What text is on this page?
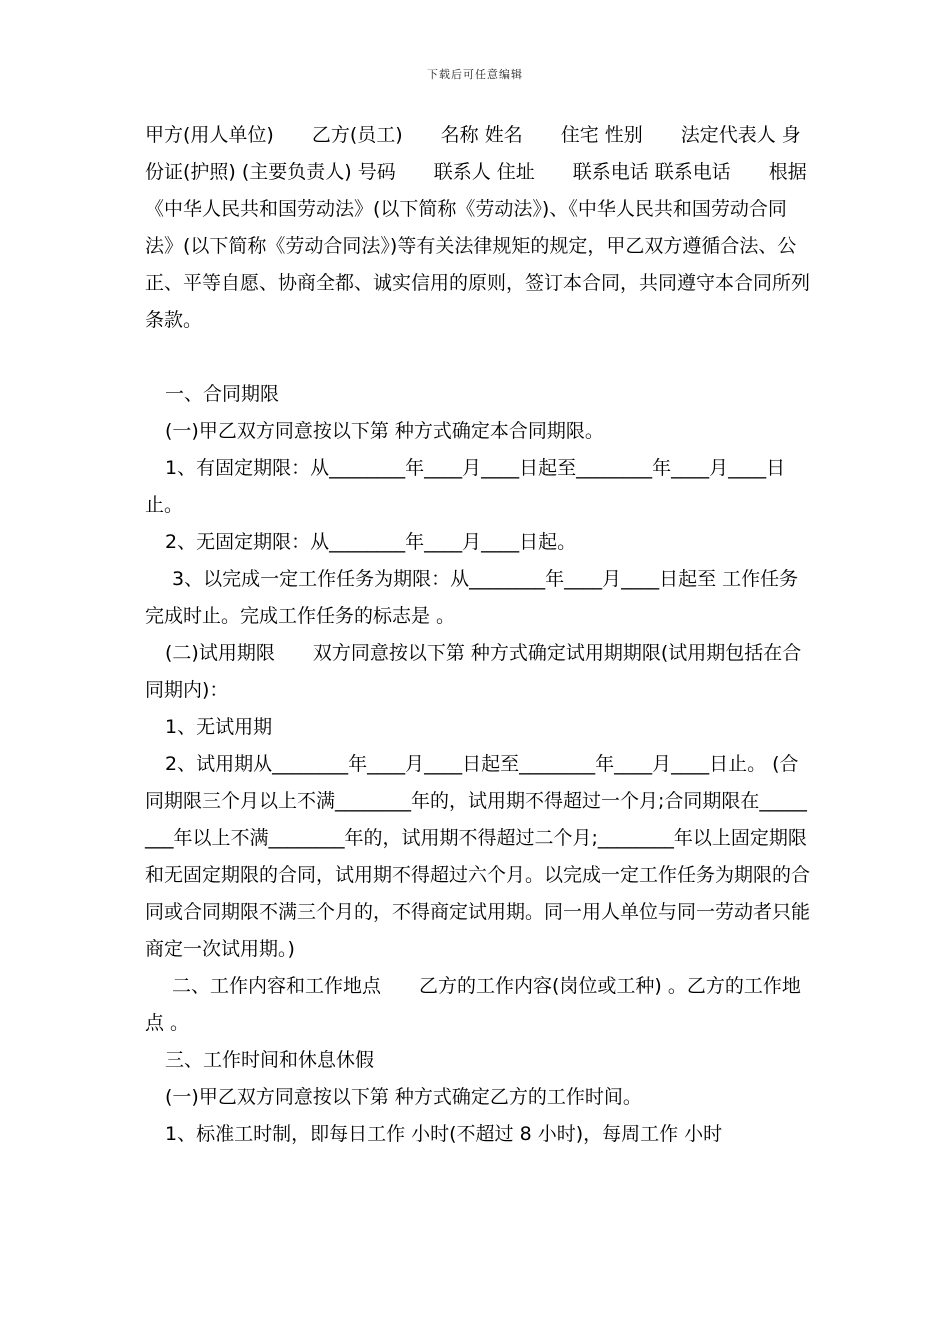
下载后可任意编辑

甲方(用人单位)　　乙方(员工)　　名称 姓名　　住宅 性别　　法定代表人 身份证(护照) (主要负责人) 号码　　联系人 住址　　联系电话 联系电话　　根据《中华人民共和国劳动法》(以下简称《劳动法》)、《中华人民共和国劳动合同法》(以下简称《劳动合同法》)等有关法律规矩的规定，甲乙双方遵循合法、公正、平等自愿、协商全都、诚实信用的原则，签订本合同，共同遵守本合同所列条款。

一、合同期限

(一)甲乙双方同意按以下第 种方式确定本合同期限。

1、有固定期限：从________年____月____日起至________年____月____日止。

2、无固定期限：从________年____月____日起。

3、以完成一定工作任务为期限：从________年____月____日起至 工作任务完成时止。完成工作任务的标志是 。

(二)试用期限　　双方同意按以下第 种方式确定试用期期限(试用期包括在合同期内)：

1、无试用期

2、试用期从________年____月____日起至________年____月____日止。 (合同期限三个月以上不满________年的，试用期不得超过一个月;合同期限在________年以上不满________年的，试用期不得超过二个月;________年以上固定期限和无固定期限的合同，试用期不得超过六个月。以完成一定工作任务为期限的合同或合同期限不满三个月的，不得商定试用期。同一用人单位与同一劳动者只能商定一次试用期。)

二、工作内容和工作地点　　乙方的工作内容(岗位或工种) 。乙方的工作地点 。

三、工作时间和休息休假

(一)甲乙双方同意按以下第 种方式确定乙方的工作时间。

1、标准工时制，即每日工作 小时(不超过 8 小时)，每周工作 小时
